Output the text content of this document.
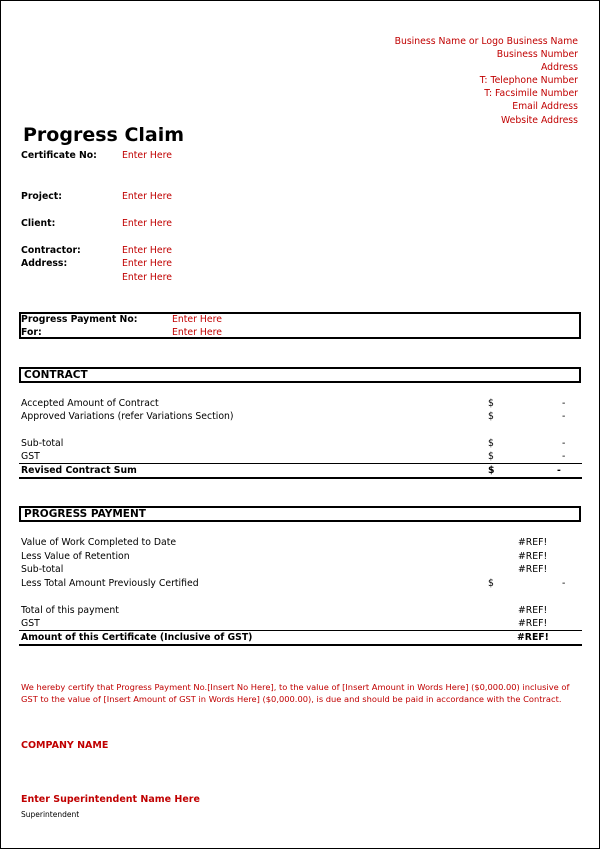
Business Name or Logo Business Name
Business Number
Address
T: Telephone Number
T: Facsimile Number
Email Address
Website Address
Progress Claim
Certificate No:	Enter Here
Project:	Enter Here
Client:	Enter Here
Contractor:	Enter Here
Address:	Enter Here
Enter Here
Progress Payment No:	Enter Here
For:	Enter Here
CONTRACT
Accepted Amount of Contract	$	-
Approved Variations (refer Variations Section)	$	-
Sub-total	$	-
GST	$	-
Revised Contract Sum	$	-
PROGRESS PAYMENT
Value of Work Completed to Date	#REF!
Less Value of Retention	#REF!
Sub-total	#REF!
Less Total Amount Previously Certified	$	-
Total of this payment	#REF!
GST	#REF!
Amount of this Certificate (Inclusive of GST)	#REF!
We hereby certify that Progress Payment No.[Insert No Here], to the value of [Insert Amount in Words Here] ($0,000.00) inclusive of GST to the value of [Insert Amount of GST in Words Here] ($0,000.00), is due and should be paid in accordance with the Contract.
COMPANY NAME
Enter Superintendent Name Here
Superintendent
